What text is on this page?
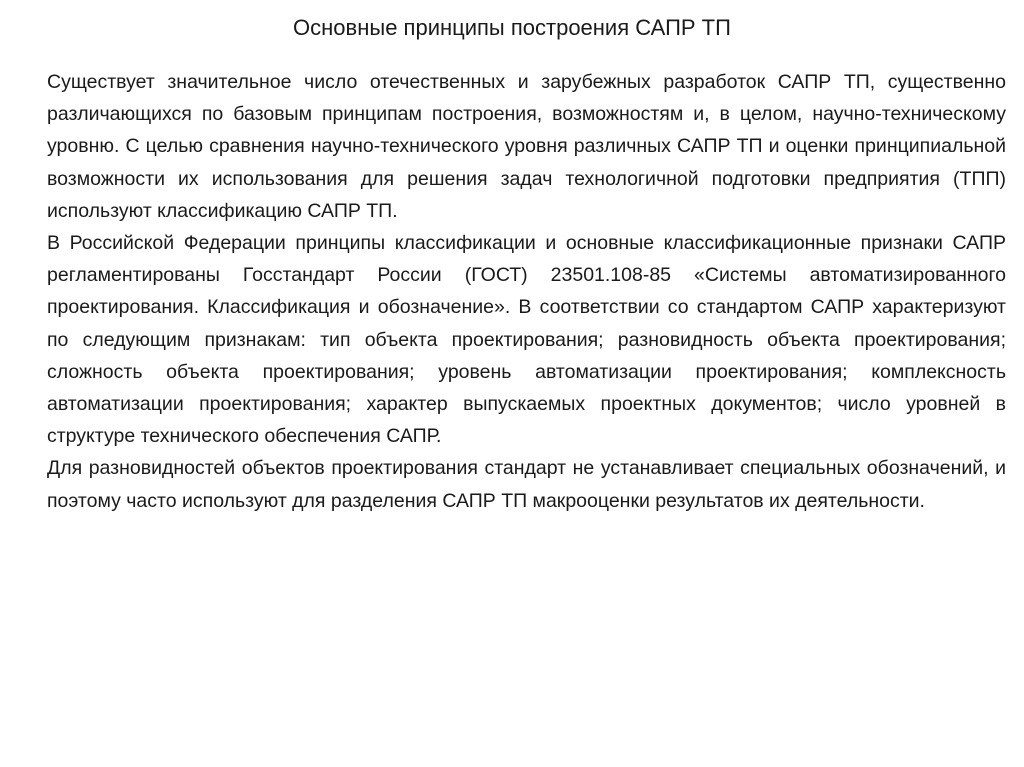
Основные принципы построения САПР ТП

Существует значительное число отечественных и зарубежных разработок САПР ТП, существенно различающихся по базовым принципам построения, возможностям и, в целом, научно-техническому уровню. С целью сравнения научно-технического уровня различных САПР ТП и оценки принципиальной возможности их использования для решения задач технологичной подготовки предприятия (ТПП) используют классификацию САПР ТП.

В Российской Федерации принципы классификации и основные классификационные признаки САПР регламентированы Госстандарт России (ГОСТ) 23501.108-85 «Системы автоматизированного проектирования. Классификация и обозначение». В соответствии со стандартом САПР характеризуют по следующим признакам: тип объекта проектирования; разновидность объекта проектирования; сложность объекта проектирования; уровень автоматизации проектирования; комплексность автоматизации проектирования; характер выпускаемых проектных документов; число уровней в структуре технического обеспечения САПР.

Для разновидностей объектов проектирования стандарт не устанавливает специальных обозначений, и поэтому часто используют для разделения САПР ТП макрооценки результатов их деятельности.
